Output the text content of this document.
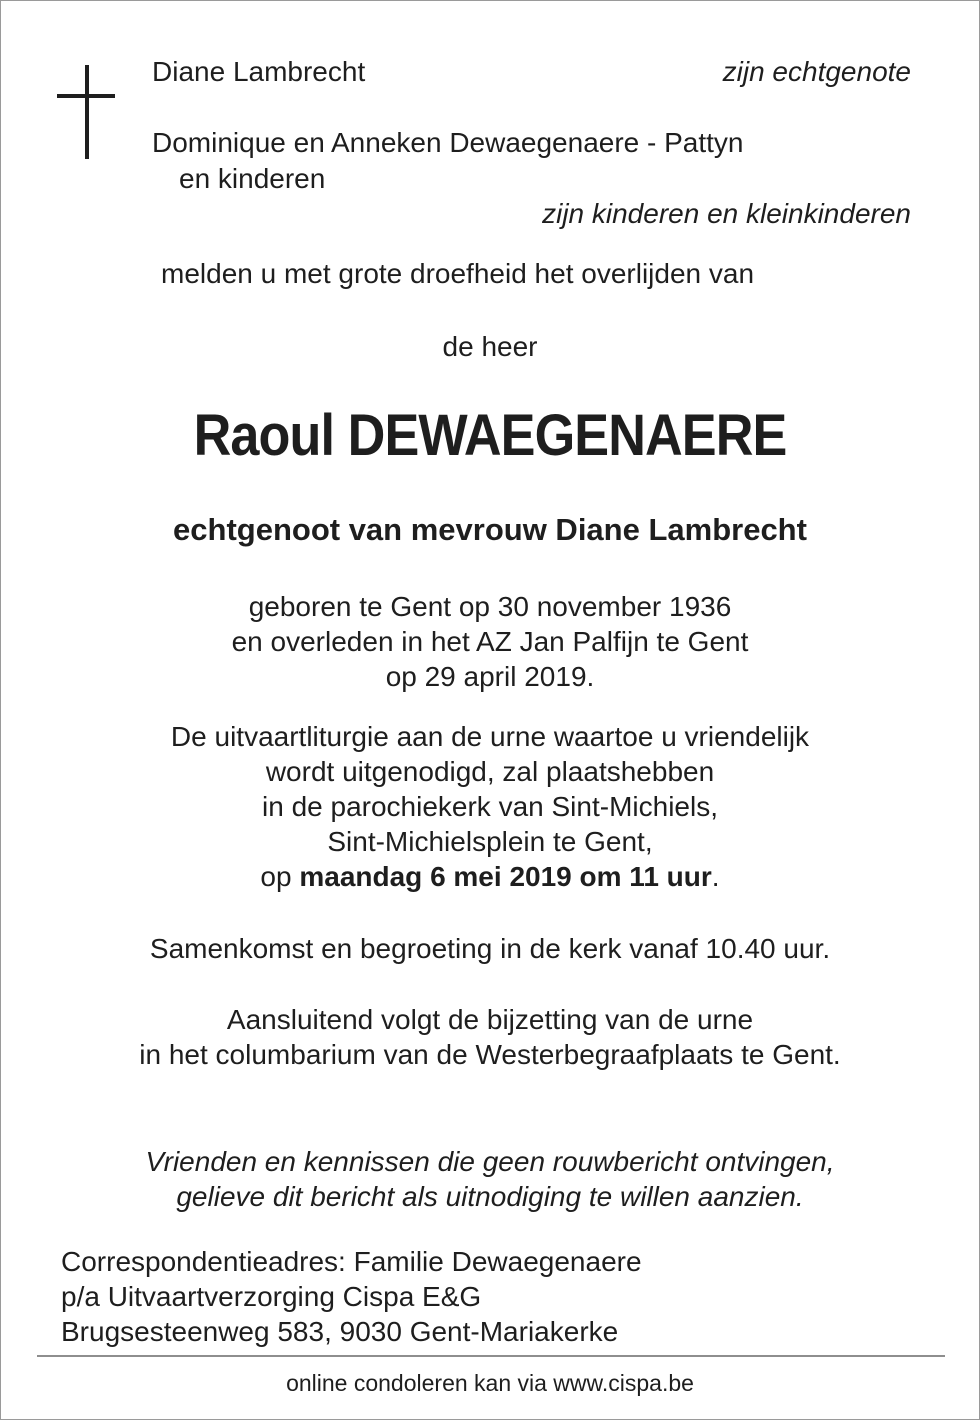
Diane Lambrecht	zijn echtgenote
Dominique en Anneken Dewaegenaere - Pattyn
en kinderen
zijn kinderen en kleinkinderen
melden u met grote droefheid het overlijden van
de heer
Raoul DEWAEGENAERE
echtgenoot van mevrouw Diane Lambrecht
geboren te Gent op 30 november 1936
en overleden in het AZ Jan Palfijn te Gent
op 29 april 2019.
De uitvaartliturgie aan de urne waartoe u vriendelijk
wordt uitgenodigd, zal plaatshebben
in de parochiekerk van Sint-Michiels,
Sint-Michielsplein te Gent,
op maandag 6 mei 2019 om 11 uur.
Samenkomst en begroeting in de kerk vanaf 10.40 uur.
Aansluitend volgt de bijzetting van de urne
in het columbarium van de Westerbegraafplaats te Gent.
Vrienden en kennissen die geen rouwbericht ontvingen,
gelieve dit bericht als uitnodiging te willen aanzien.
Correspondentieadres: Familie Dewaegenaere
p/a Uitvaartverzorging Cispa E&G
Brugsesteenweg 583, 9030 Gent-Mariakerke
online condoleren kan via www.cispa.be
